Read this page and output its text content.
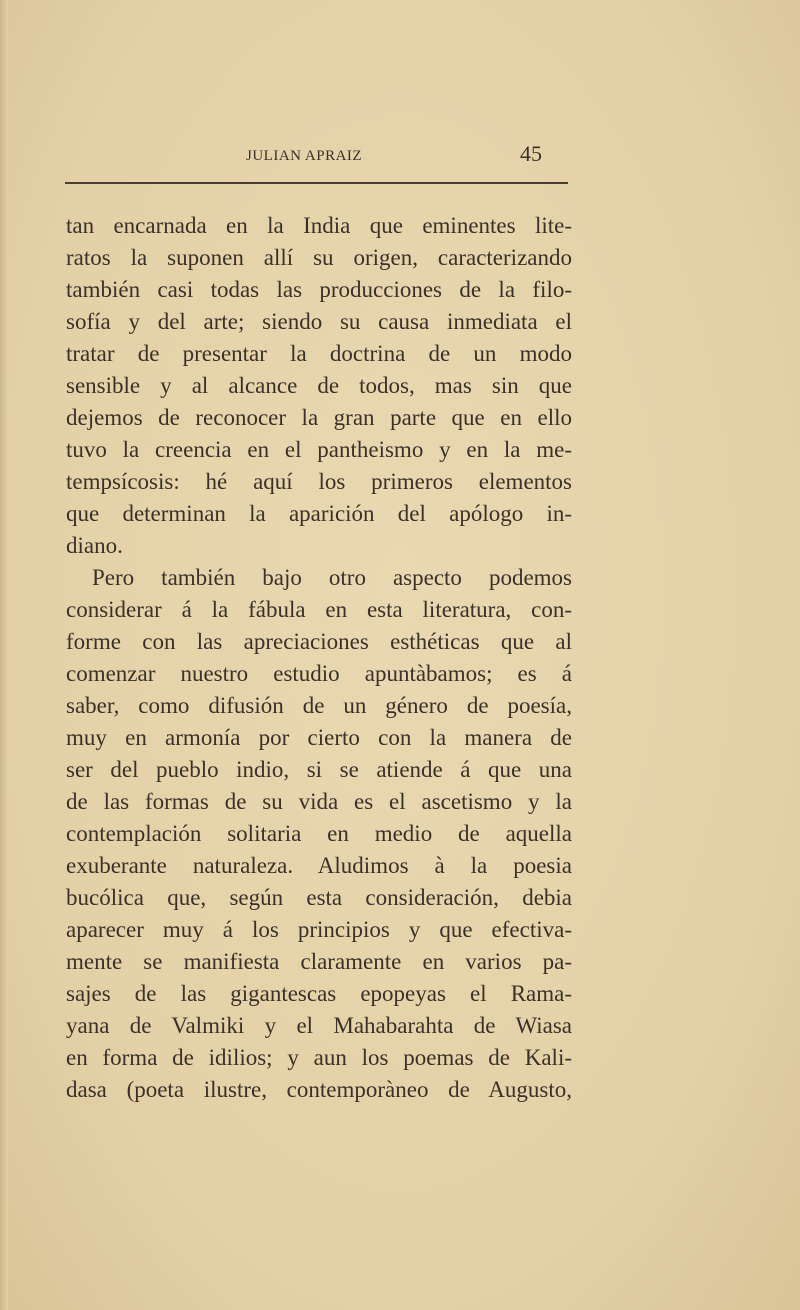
JULIAN APRAIZ	45
tan encarnada en la India que eminentes lite-
ratos la suponen allí su origen, caracterizando
también casi todas las producciones de la filo-
sofía y del arte; siendo su causa inmediata el
tratar de presentar la doctrina de un modo
sensible y al alcance de todos, mas sin que
dejemos de reconocer la gran parte que en ello
tuvo la creencia en el pantheismo y en la me-
tempsícosis: hé aquí los primeros elementos
que determinan la aparición del apólogo in-
diano.
Pero también bajo otro aspecto podemos
considerar á la fábula en esta literatura, con-
forme con las apreciaciones esthéticas que al
comenzar nuestro estudio apuntàbamos; es á
saber, como difusión de un género de poesía,
muy en armonía por cierto con la manera de
ser del pueblo indio, si se atiende á que una
de las formas de su vida es el ascetismo y la
contemplación solitaria en medio de aquella
exuberante naturaleza. Aludimos à la poesia
bucólica que, según esta consideración, debia
aparecer muy á los principios y que efectiva-
mente se manifiesta claramente en varios pa-
sajes de las gigantescas epopeyas el Rama-
yana de Valmiki y el Mahabarahta de Wiasa
en forma de idilios; y aun los poemas de Kali-
dasa (poeta ilustre, contemporàneo de Augusto,
